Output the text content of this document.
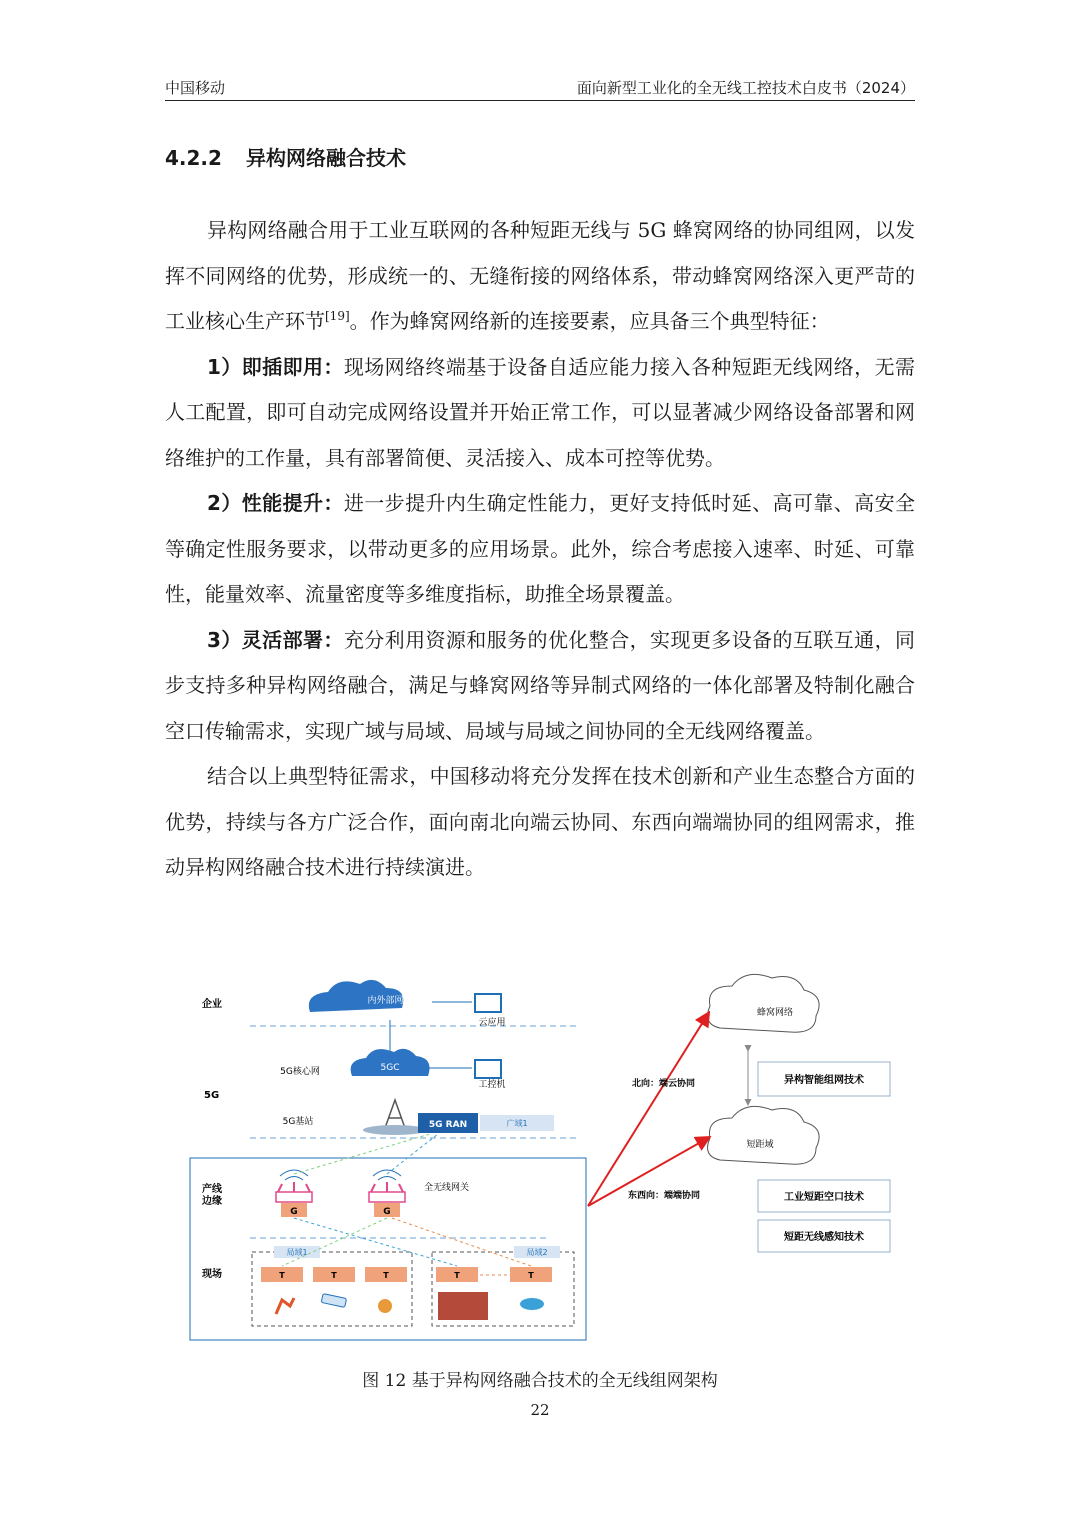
中国移动	面向新型工业化的全无线工控技术白皮书（2024）
4.2.2 异构网络融合技术

异构网络融合用于工业互联网的各种短距无线与 5G 蜂窝网络的协同组网，以发挥不同网络的优势，形成统一的、无缝衔接的网络体系，带动蜂窝网络深入更严苛的工业核心生产环节[19]。作为蜂窝网络新的连接要素，应具备三个典型特征：

1）即插即用：现场网络终端基于设备自适应能力接入各种短距无线网络，无需人工配置，即可自动完成网络设置并开始正常工作，可以显著减少网络设备部署和网络维护的工作量，具有部署简便、灵活接入、成本可控等优势。

2）性能提升：进一步提升内生确定性能力，更好支持低时延、高可靠、高安全等确定性服务要求，以带动更多的应用场景。此外，综合考虑接入速率、时延、可靠性，能量效率、流量密度等多维度指标，助推全场景覆盖。

3）灵活部署：充分利用资源和服务的优化整合，实现更多设备的互联互通，同步支持多种异构网络融合，满足与蜂窝网络等异制式网络的一体化部署及特制化融合空口传输需求，实现广域与局域、局域与局域之间协同的全无线网络覆盖。

结合以上典型特征需求，中国移动将充分发挥在技术创新和产业生态整合方面的优势，持续与各方广泛合作，面向南北向端云协同、东西向端端协同的组网需求，推动异构网络融合技术进行持续演进。

企业
5G
产线
边缘
现场
内外部网络
云应用
5G核心网	5GC
工控机
5G基站	5G RAN	广域1
G	G
全无线网关
局域1	局域2
T	T	T	T	T
蜂窝网络
短距域
北向：端云协同
东西向：端端协同
异构智能组网技术
工业短距空口技术
短距无线感知技术
图 12 基于异构网络融合技术的全无线组网架构
22
